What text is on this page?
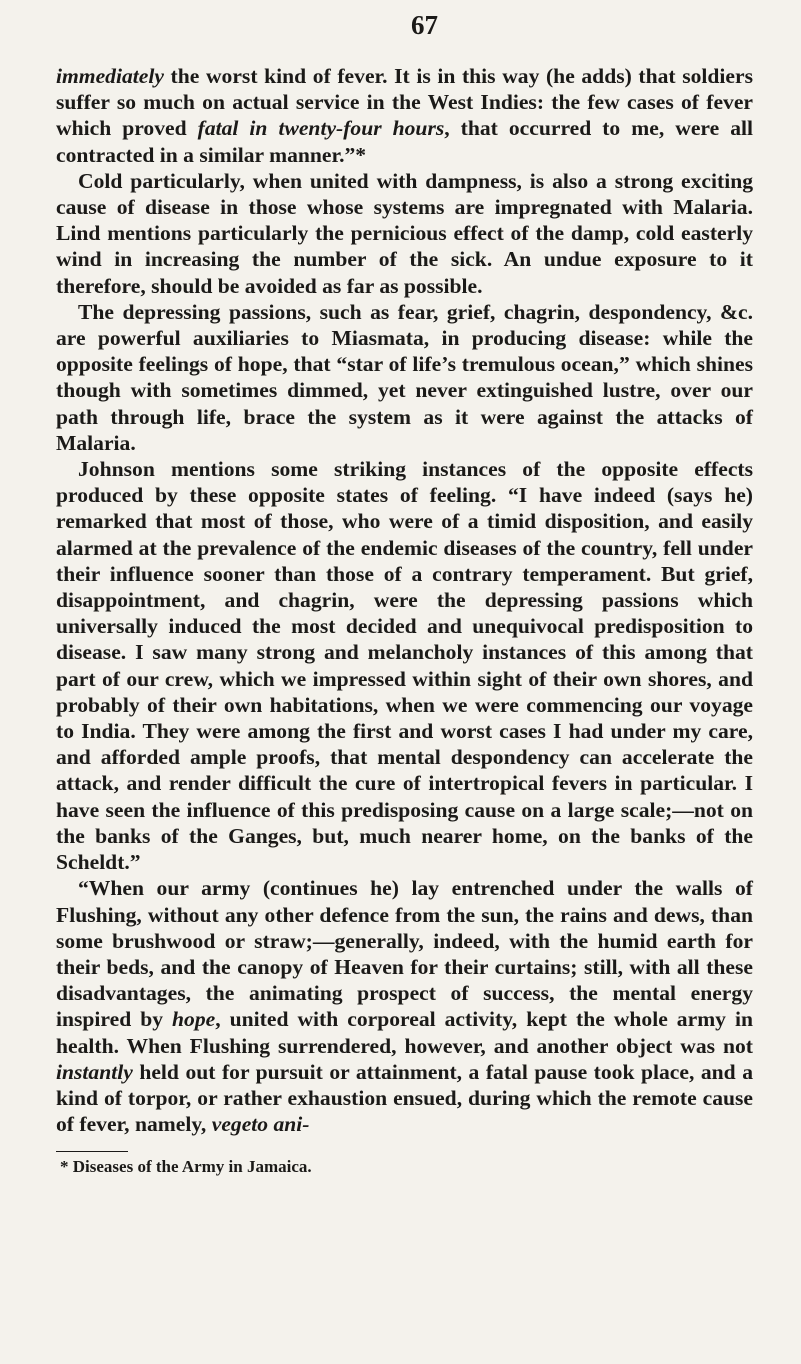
67

immediately the worst kind of fever. It is in this way (he adds) that soldiers suffer so much on actual service in the West Indies: the few cases of fever which proved fatal in twenty-four hours, that occurred to me, were all contracted in a similar manner.”*

Cold particularly, when united with dampness, is also a strong exciting cause of disease in those whose systems are impregnated with Malaria. Lind mentions particularly the pernicious effect of the damp, cold easterly wind in increasing the number of the sick. An undue exposure to it therefore, should be avoided as far as possible.

The depressing passions, such as fear, grief, chagrin, despondency, &c. are powerful auxiliaries to Miasmata, in producing disease: while the opposite feelings of hope, that “star of life’s tremulous ocean,” which shines though with sometimes dimmed, yet never extinguished lustre, over our path through life, brace the system as it were against the attacks of Malaria.

Johnson mentions some striking instances of the opposite effects produced by these opposite states of feeling. “I have indeed (says he) remarked that most of those, who were of a timid disposition, and easily alarmed at the prevalence of the endemic diseases of the country, fell under their influence sooner than those of a contrary temperament. But grief, disappointment, and chagrin, were the depressing passions which universally induced the most decided and unequivocal predisposition to disease. I saw many strong and melancholy instances of this among that part of our crew, which we impressed within sight of their own shores, and probably of their own habitations, when we were commencing our voyage to India. They were among the first and worst cases I had under my care, and afforded ample proofs, that mental despondency can accelerate the attack, and render difficult the cure of intertropical fevers in particular. I have seen the influence of this predisposing cause on a large scale;—not on the banks of the Ganges, but, much nearer home, on the banks of the Scheldt.”

“When our army (continues he) lay entrenched under the walls of Flushing, without any other defence from the sun, the rains and dews, than some brushwood or straw;—generally, indeed, with the humid earth for their beds, and the canopy of Heaven for their curtains; still, with all these disadvantages, the animating prospect of success, the mental energy inspired by hope, united with corporeal activity, kept the whole army in health. When Flushing surrendered, however, and another object was not instantly held out for pursuit or attainment, a fatal pause took place, and a kind of torpor, or rather exhaustion ensued, during which the remote cause of fever, namely, vegeto ani-

* Diseases of the Army in Jamaica.
